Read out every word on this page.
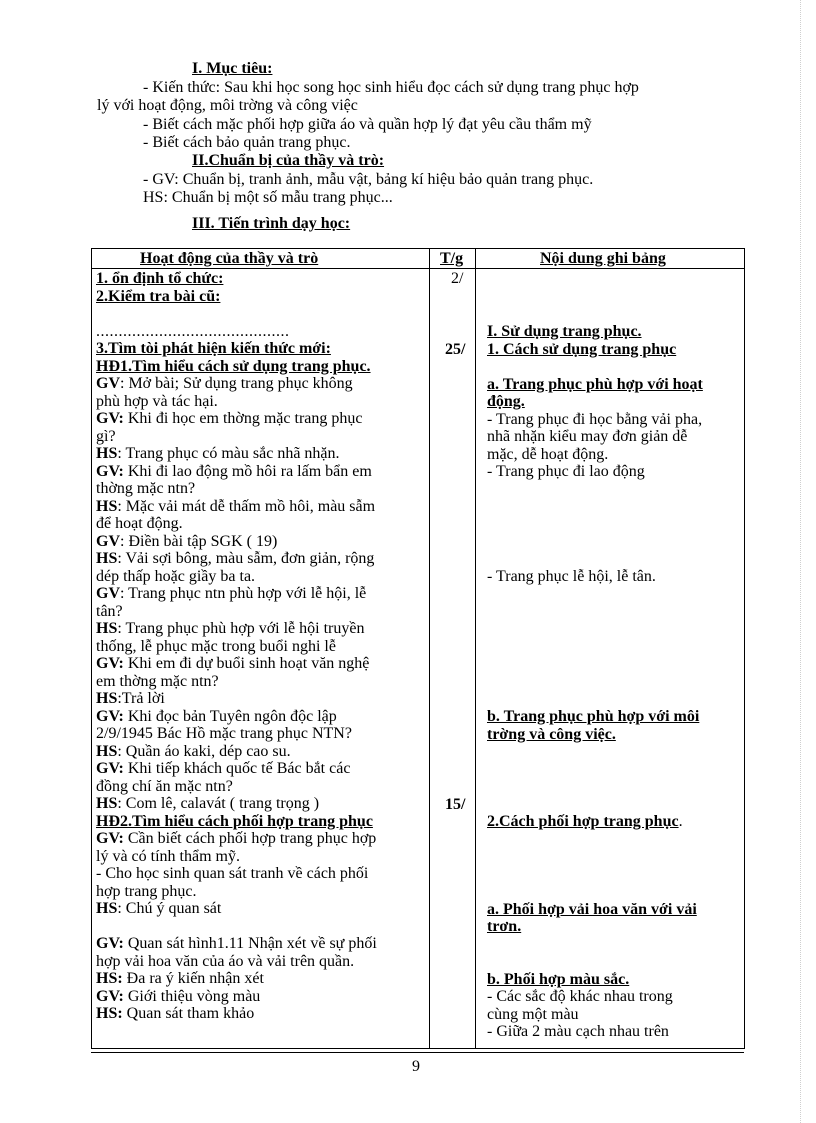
I. Mục tiêu:
- Kiến thức: Sau khi học song học sinh hiểu đọc cách sử dụng trang phục hợp
lý với hoạt động, môi trờng và công việc
- Biết cách mặc phối hợp giữa áo và quần hợp lý đạt yêu cầu thẩm mỹ
- Biết cách bảo quản trang phục.
II.Chuẩn bị của thầy và trò:
- GV: Chuẩn bị, tranh ảnh, mẫu vật, bảng kí hiệu bảo quản trang phục.
HS: Chuẩn bị một số mẫu trang phục...
III. Tiến trình dạy học:
Hoạt động của thầy và trò	T/g	Nội dung ghi bảng
1. ổn định tổ chức:
2.Kiểm tra bài cũ:
...........................................
3.Tìm tòi phát hiện kiến thức mới:
HĐ1.Tìm hiểu cách sử dụng trang phục.
GV: Mở bài; Sử dụng trang phục không
phù hợp và tác hại.
GV: Khi đi học em thờng mặc trang phục
gì?
HS: Trang phục có màu sắc nhã nhặn.
GV: Khi đi lao động mồ hôi ra lấm bẩn em
thờng mặc ntn?
HS: Mặc vải mát dễ thấm mồ hôi, màu sẫm
để hoạt động.
GV: Điền bài tập SGK ( 19)
HS: Vải sợi bông, màu sẫm, đơn giản, rộng
dép thấp hoặc giầy ba ta.
GV: Trang phục ntn phù hợp với lễ hội, lễ
tân?
HS: Trang phục phù hợp với lễ hội truyền
thống, lễ phục mặc trong buổi nghi lễ
GV: Khi em đi dự buổi sinh hoạt văn nghệ
em thờng mặc ntn?
HS:Trả lời
GV: Khi đọc bản Tuyên ngôn độc lập
2/9/1945 Bác Hồ mặc trang phục NTN?
HS: Quần áo kaki, dép cao su.
GV: Khi tiếp khách quốc tế Bác bắt các
đồng chí ăn mặc ntn?
HS: Com lê, calavát ( trang trọng )
HĐ2.Tìm hiểu cách phối hợp trang phục
GV: Cần biết cách phối hợp trang phục hợp
lý và có tính thẩm mỹ.
- Cho học sinh quan sát tranh về cách phối
hợp trang phục.
HS: Chú ý quan sát
GV: Quan sát hình1.11 Nhận xét về sự phối
hợp vải hoa văn của áo và vải trên quần.
HS: Đa ra ý kiến nhận xét
GV: Giới thiệu vòng màu
HS: Quan sát tham khảo
2/
25/
15/
I. Sử dụng trang phục.
1. Cách sử dụng trang phục
a. Trang phục phù hợp với hoạt
động.
- Trang phục đi học bằng vải pha,
nhã nhặn kiểu may đơn giản dễ
mặc, dễ hoạt động.
- Trang phục đi lao động
- Trang phục lễ hội, lễ tân.
b. Trang phục phù hợp với môi
trờng và công việc.
2.Cách phối hợp trang phục.
a. Phối hợp vải hoa văn với vải
trơn.
b. Phối hợp màu sắc.
- Các sắc độ khác nhau trong
cùng một màu
- Giữa 2 màu cạch nhau trên
9
